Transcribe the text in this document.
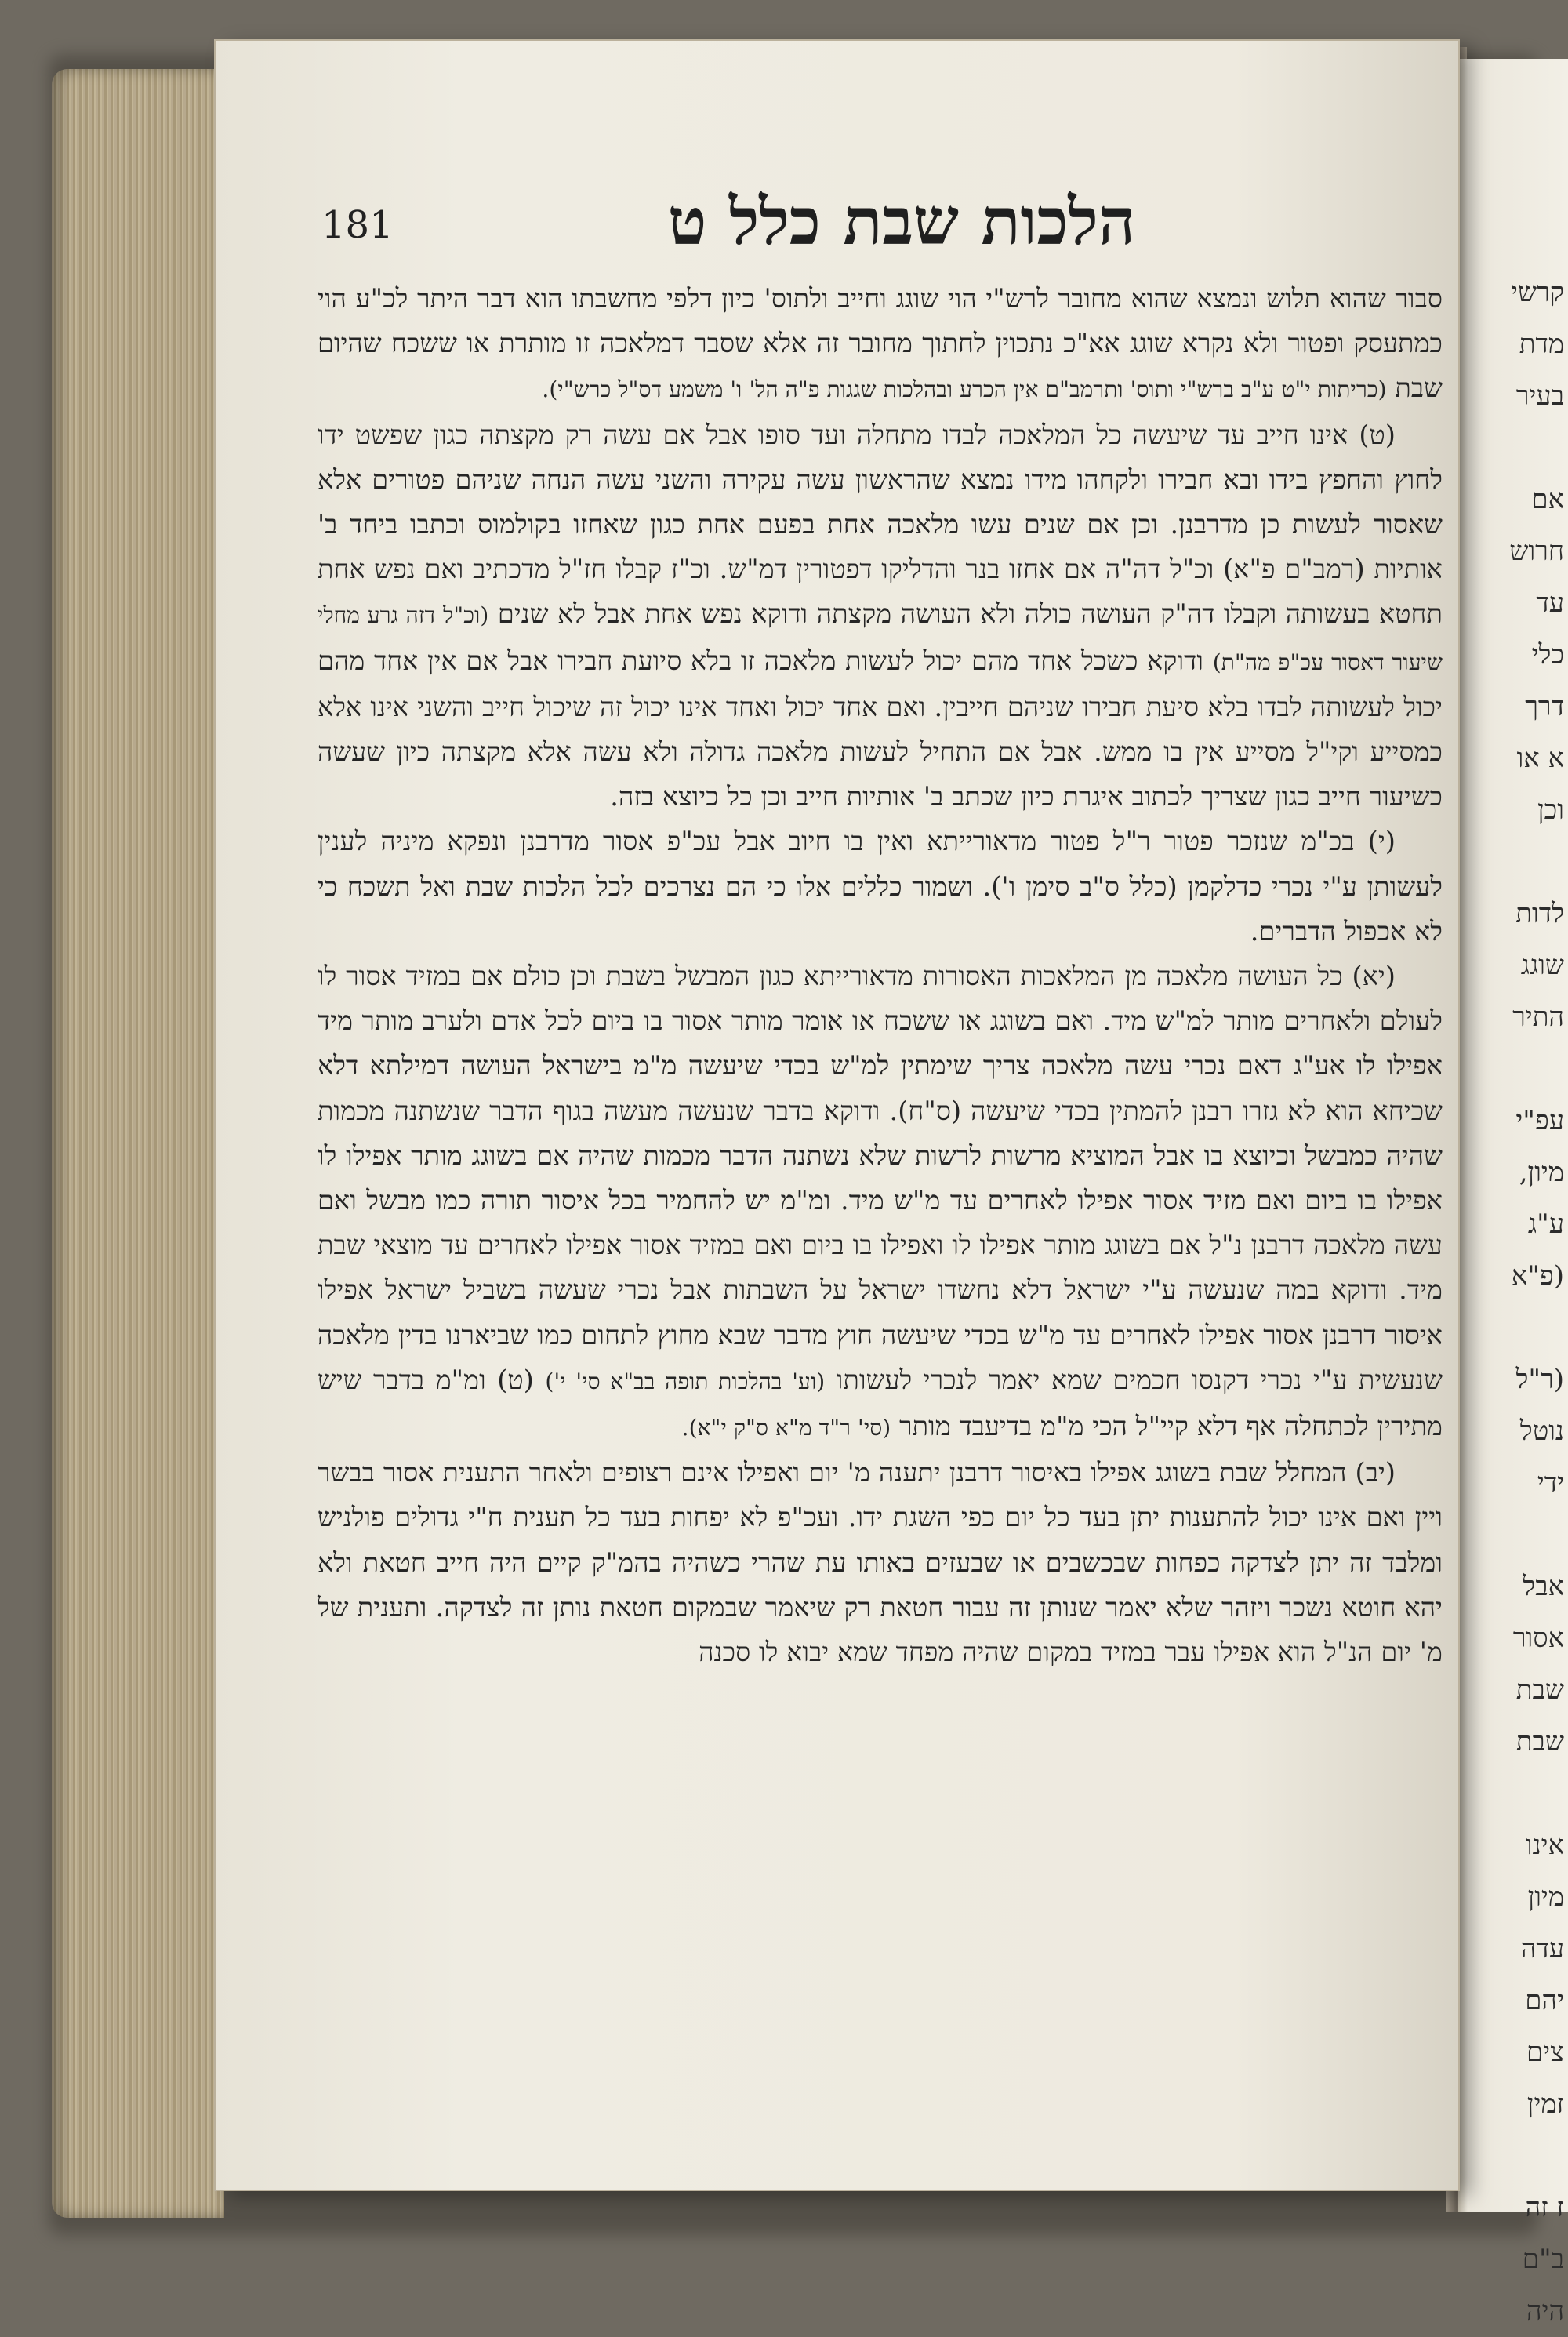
קרשי
מדת
בעיר
אם
חרוש
עד
כלי
דרך
א או
וכן
לדות
שוגג
התיר
עפ"י
מיון,
ע"ג
(פ"א
(ר"ל
נוטל
ידי
אבל
אסור
שבת
שבת
אינו
מיון
עדה
יהם
צים
זמין
ז זה
ב"ם
היה
181	הלכות שבת כלל ט

סבור שהוא תלוש ונמצא שהוא מחובר לרש"י הוי שוגג וחייב ולתוס' כיון דלפי מחשבתו הוא דבר היתר לכ"ע הוי כמתעסק ופטור ולא נקרא שוגג אא"כ נתכוין לחתוך מחובר זה אלא שסבר דמלאכה זו מותרת או ששכח שהיום שבת (כריתות י"ט ע"ב ברש"י ותוס' ותרמב"ם אין הכרע ובהלכות שגגות פ"ה הל' ו' משמע דס"ל כרש"י).

(ט) אינו חייב עד שיעשה כל המלאכה לבדו מתחלה ועד סופו אבל אם עשה רק מקצתה כגון שפשט ידו לחוץ והחפץ בידו ובא חבירו ולקחהו מידו נמצא שהראשון עשה עקירה והשני עשה הנחה שניהם פטורים אלא שאסור לעשות כן מדרבנן. וכן אם שנים עשו מלאכה אחת בפעם אחת כגון שאחזו בקולמוס וכתבו ביחד ב' אותיות (רמב"ם פ"א) וכ"ל דה"ה אם אחזו בנר והדליקו דפטורין דמ"ש. וכ"ז קבלו חז"ל מדכתיב ואם נפש אחת תחטא בעשותה וקבלו דה"ק העושה כולה ולא העושה מקצתה ודוקא נפש אחת אבל לא שנים (וכ"ל דזה גרע מחלי שיעור דאסור עכ"פ מה"ת) ודוקא כשכל אחד מהם יכול לעשות מלאכה זו בלא סיועת חבירו אבל אם אין אחד מהם יכול לעשותה לבדו בלא סיעת חבירו שניהם חייבין. ואם אחד יכול ואחד אינו יכול זה שיכול חייב והשני אינו אלא כמסייע וקי"ל מסייע אין בו ממש. אבל אם התחיל לעשות מלאכה גדולה ולא עשה אלא מקצתה כיון שעשה כשיעור חייב כגון שצריך לכתוב איגרת כיון שכתב ב' אותיות חייב וכן כל כיוצא בזה.

(י) בכ"מ שנזכר פטור ר"ל פטור מדאורייתא ואין בו חיוב אבל עכ"פ אסור מדרבנן ונפקא מיניה לענין לעשותן ע"י נכרי כדלקמן (כלל ס"ב סימן ו'). ושמור כללים אלו כי הם נצרכים לכל הלכות שבת ואל תשכח כי לא אכפול הדברים.

(יא) כל העושה מלאכה מן המלאכות האסורות מדאורייתא כגון המבשל בשבת וכן כולם אם במזיד אסור לו לעולם ולאחרים מותר למ"ש מיד. ואם בשוגג או ששכח או אומר מותר אסור בו ביום לכל אדם ולערב מותר מיד אפילו לו אע"ג דאם נכרי עשה מלאכה צריך שימתין למ"ש בכדי שיעשה מ"מ בישראל העושה דמילתא דלא שכיחא הוא לא גזרו רבנן להמתין בכדי שיעשה (ס"ח). ודוקא בדבר שנעשה מעשה בגוף הדבר שנשתנה מכמות שהיה כמבשל וכיוצא בו אבל המוציא מרשות לרשות שלא נשתנה הדבר מכמות שהיה אם בשוגג מותר אפילו לו אפילו בו ביום ואם מזיד אסור אפילו לאחרים עד מ"ש מיד. ומ"מ יש להחמיר בכל איסור תורה כמו מבשל ואם עשה מלאכה דרבנן נ"ל אם בשוגג מותר אפילו לו ואפילו בו ביום ואם במזיד אסור אפילו לאחרים עד מוצאי שבת מיד. ודוקא במה שנעשה ע"י ישראל דלא נחשדו ישראל על השבתות אבל נכרי שעשה בשביל ישראל אפילו איסור דרבנן אסור אפילו לאחרים עד מ"ש בכדי שיעשה חוץ מדבר שבא מחוץ לתחום כמו שביארנו בדין מלאכה שנעשית ע"י נכרי דקנסו חכמים שמא יאמר לנכרי לעשותו (וע' בהלכות תופה בב"א סי' י') (ט) ומ"מ בדבר שיש מתירין לכתחלה אף דלא קיי"ל הכי מ"מ בדיעבד מותר (סי' ר"ד מ"א ס"ק י"א).

(יב) המחלל שבת בשוגג אפילו באיסור דרבנן יתענה מ' יום ואפילו אינם רצופים ולאחר התענית אסור בבשר ויין ואם אינו יכול להתענות יתן בעד כל יום כפי השגת ידו. ועכ"פ לא יפחות בעד כל תענית ח"י גדולים פולניש ומלבד זה יתן לצדקה כפחות שבכשבים או שבעזים באותו עת שהרי כשהיה בהמ"ק קיים היה חייב חטאת ולא יהא חוטא נשכר ויזהר שלא יאמר שנותן זה עבור חטאת רק שיאמר שבמקום חטאת נותן זה לצדקה. ותענית של מ' יום הנ"ל הוא אפילו עבר במזיד במקום שהיה מפחד שמא יבוא לו סכנה
